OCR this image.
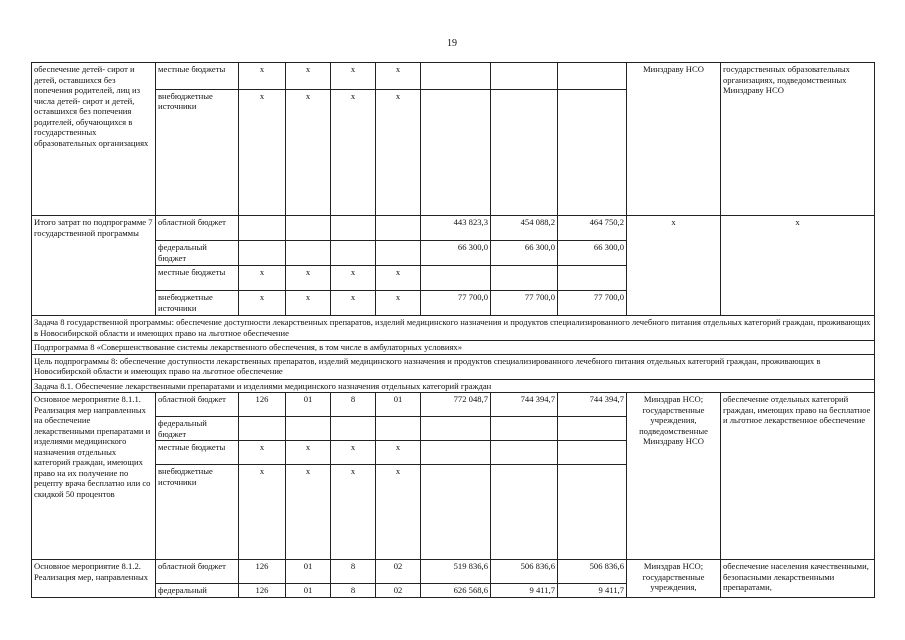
19
обеспечение детей- сирот и детей, оставшихся без попечения родителей, лиц из числа детей- сирот и детей, оставшихся без попечения родителей, обучающихся в государственных образовательных организациях	местные бюджеты	x	x	x	x				Минздраву НСО	государственных образовательных организациях, подведомственных Минздраву НСО
	внебюджетные источники	x	x	x	x					
Итого затрат по подпрограмме 7 государственной программы	областной бюджет					443 823,3	454 088,2	464 750,2	x	x
	федеральный бюджет					66 300,0	66 300,0	66 300,0		
	местные бюджеты	x	x	x	x					
	внебюджетные источники	x	x	x	x	77 700,0	77 700,0	77 700,0		
Задача 8 государственной программы: обеспечение доступности лекарственных препаратов, изделий медицинского назначения и продуктов специализированного лечебного питания отдельных категорий граждан, проживающих в Новосибирской области и имеющих право на льготное обеспечение										
Подпрограмма 8 «Совершенствование системы лекарственного обеспечения, в том числе в амбулаторных условиях»										
Цель подпрограммы 8: обеспечение доступности лекарственных препаратов, изделий медицинского назначения и продуктов специализированного лечебного питания отдельных категорий граждан, проживающих в Новосибирской области и имеющих право на льготное обеспечение										
Задача 8.1. Обеспечение лекарственными препаратами и изделиями медицинского назначения отдельных категорий граждан										
Основное мероприятие 8.1.1. Реализация мер направленных на обеспечение лекарственными препаратами и изделиями медицинского назначения отдельных категорий граждан, имеющих право на их получение по рецепту врача бесплатно или со скидкой 50 процентов	областной бюджет	126	01	8	01	772 048,7	744 394,7	744 394,7	Минздрав НСО; государственные учреждения, подведомственные Минздраву НСО	обеспечение отдельных категорий граждан, имеющих право на бесплатное и льготное лекарственное обеспечение
	федеральный бюджет									
	местные бюджеты	x	x	x	x					
	внебюджетные источники	x	x	x	x					
Основное мероприятие 8.1.2. Реализация мер, направленных	областной бюджет	126	01	8	02	519 836,6	506 836,6	506 836,6	Минздрав НСО; государственные учреждения,	обеспечение населения качественными, безопасными лекарственными препаратами,
	федеральный	126	01	8	02	626 568,6	9 411,7	9 411,7		
